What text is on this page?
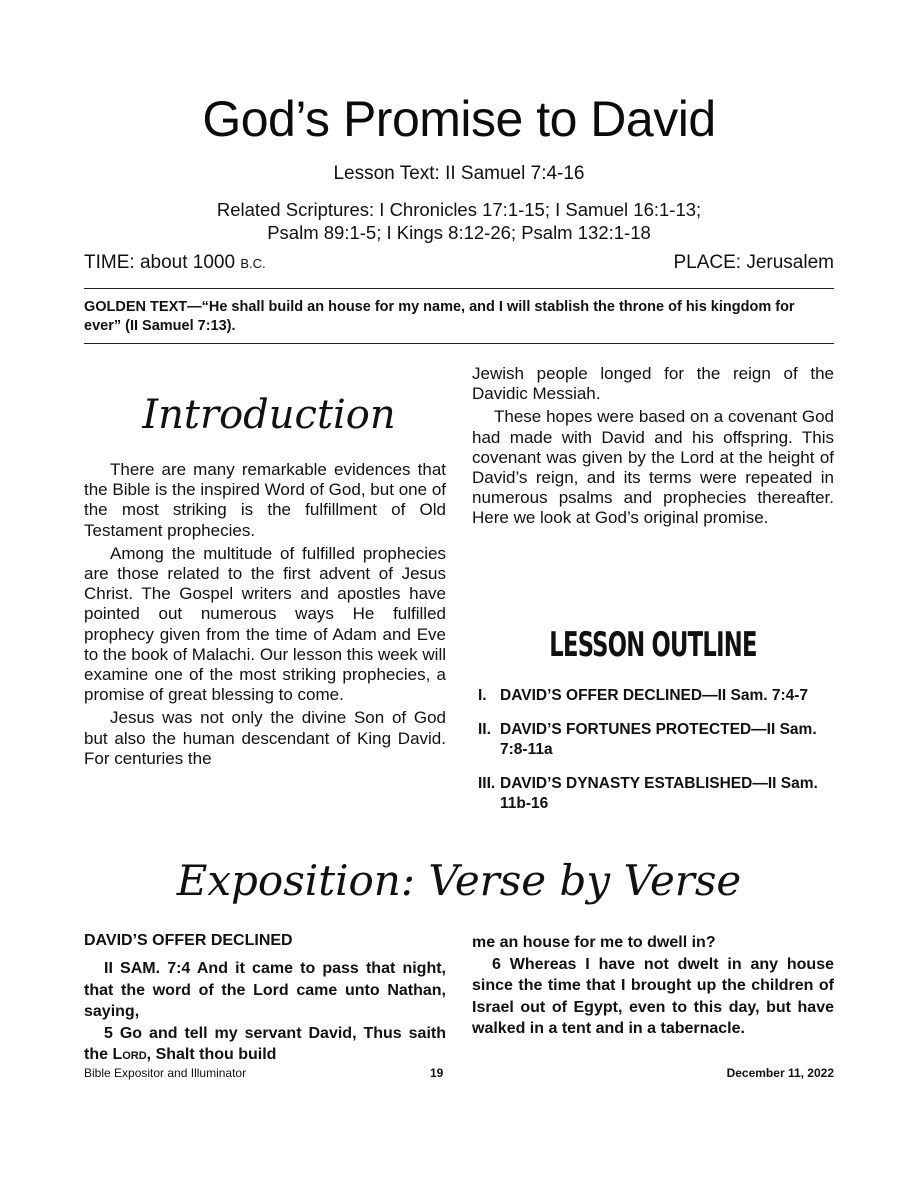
God’s Promise to David
Lesson Text: II Samuel 7:4-16
Related Scriptures: I Chronicles 17:1-15; I Samuel 16:1-13;
Psalm 89:1-5; I Kings 8:12-26; Psalm 132:1-18
TIME: about 1000 B.C.	PLACE: Jerusalem
GOLDEN TEXT—“He shall build an house for my name, and I will stablish the throne of his kingdom for ever” (II Samuel 7:13).
Introduction

There are many remarkable evidences that the Bible is the inspired Word of God, but one of the most striking is the fulfillment of Old Testament prophecies.

Among the multitude of fulfilled prophecies are those related to the first advent of Jesus Christ. The Gospel writers and apostles have pointed out numerous ways He fulfilled prophecy given from the time of Adam and Eve to the book of Malachi. Our lesson this week will examine one of the most striking prophecies, a promise of great blessing to come.

Jesus was not only the divine Son of God but also the human descendant of King David. For centuries the

Jewish people longed for the reign of the Davidic Messiah.

These hopes were based on a covenant God had made with David and his offspring. This covenant was given by the Lord at the height of David’s reign, and its terms were repeated in numerous psalms and prophecies thereafter. Here we look at God’s original promise.

LESSON OUTLINE
I. DAVID’S OFFER DECLINED—II Sam. 7:4-7
II. DAVID’S FORTUNES PROTECTED—II Sam. 7:8-11a
III. DAVID’S DYNASTY ESTABLISHED—II Sam. 11b-16
Exposition: Verse by Verse
DAVID’S OFFER DECLINED

II SAM. 7:4 And it came to pass that night, that the word of the Lord came unto Nathan, saying,

5 Go and tell my servant David, Thus saith the Lord, Shalt thou build

me an house for me to dwell in?

6 Whereas I have not dwelt in any house since the time that I brought up the children of Israel out of Egypt, even to this day, but have walked in a tent and in a tabernacle.

Bible Expositor and Illuminator	19	December 11, 2022
